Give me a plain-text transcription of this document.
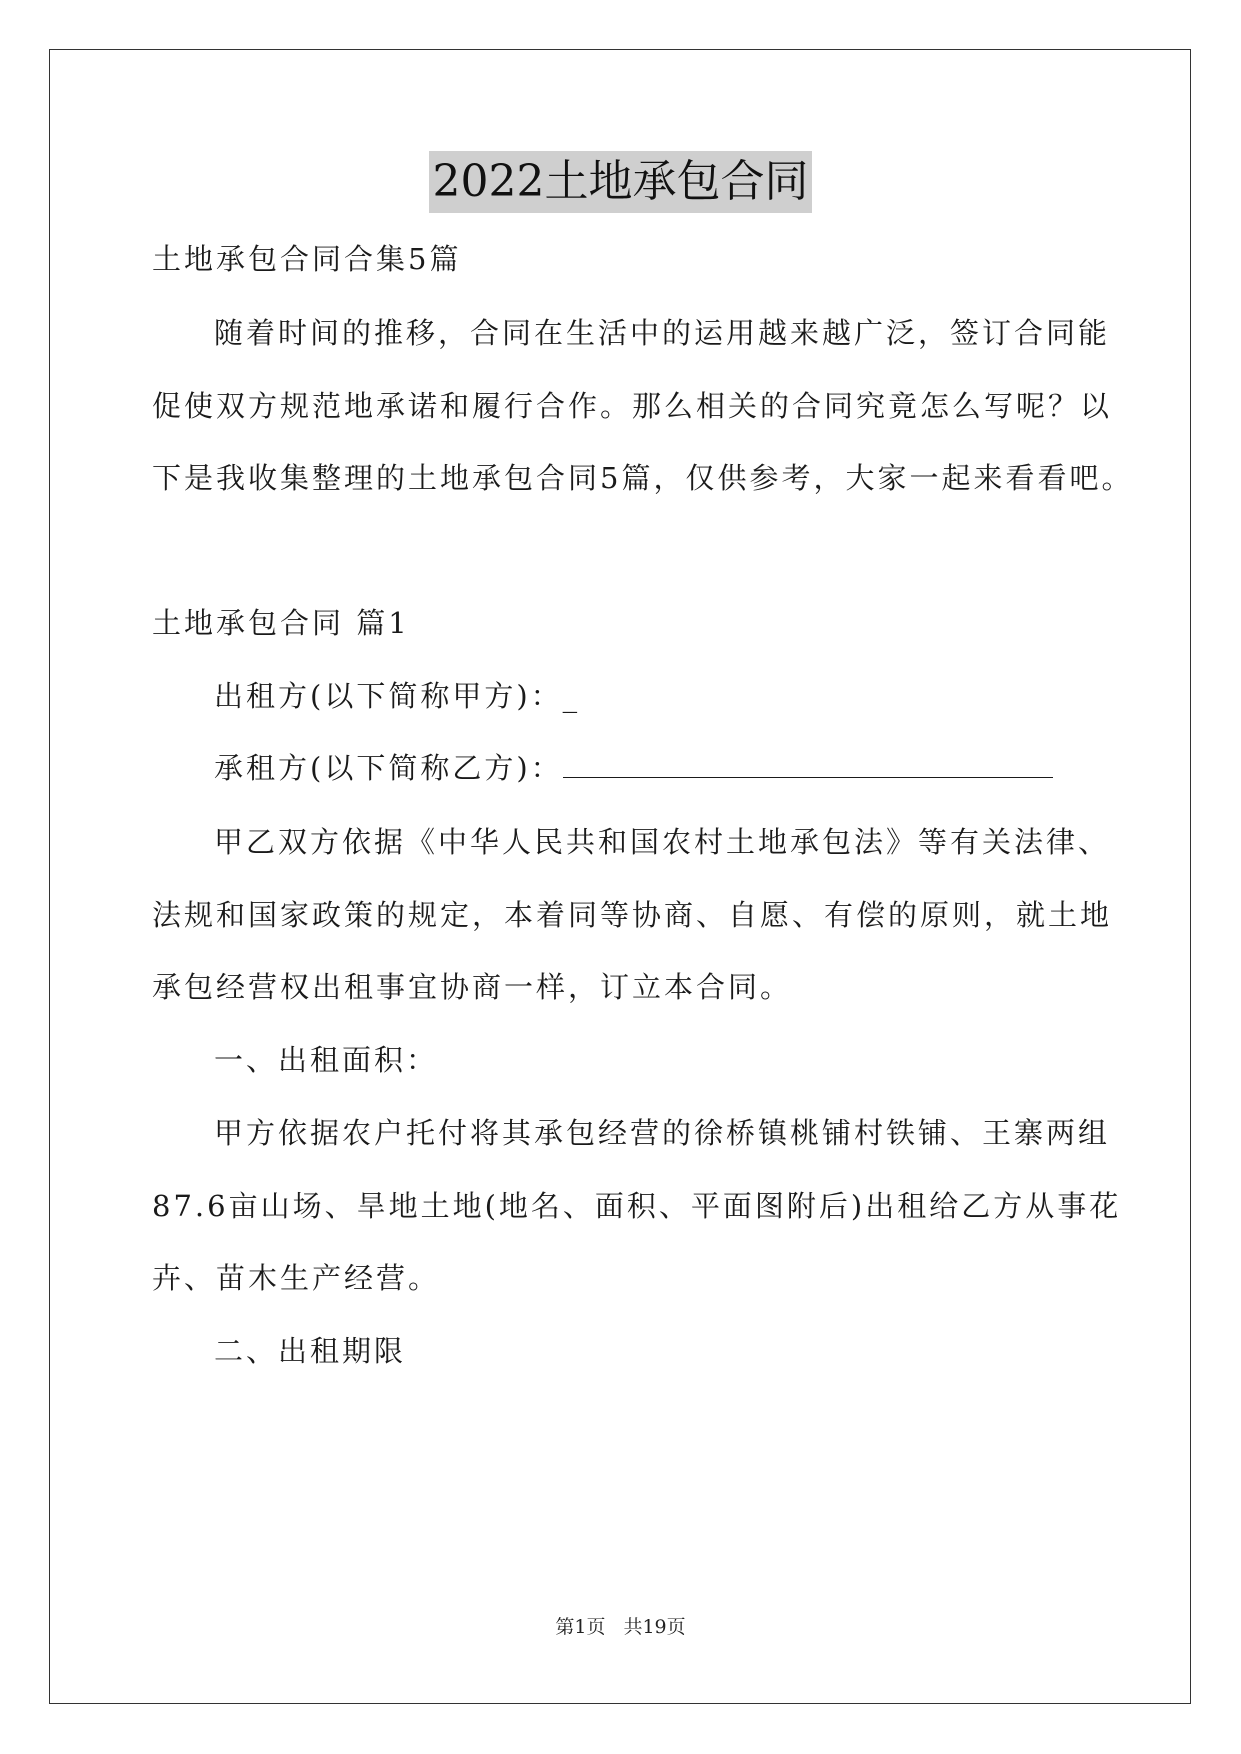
2022土地承包合同
土地承包合同合集5篇
随着时间的推移，合同在生活中的运用越来越广泛，签订合同能
促使双方规范地承诺和履行合作。那么相关的合同究竟怎么写呢？以
下是我收集整理的土地承包合同5篇，仅供参考，大家一起来看看吧。
土地承包合同 篇1
出租方(以下简称甲方)：_
承租方(以下简称乙方)：
甲乙双方依据《中华人民共和国农村土地承包法》等有关法律、
法规和国家政策的规定，本着同等协商、自愿、有偿的原则，就土地
承包经营权出租事宜协商一样，订立本合同。
一、出租面积：
甲方依据农户托付将其承包经营的徐桥镇桃铺村铁铺、王寨两组
87.6亩山场、旱地土地(地名、面积、平面图附后)出租给乙方从事花
卉、苗木生产经营。
二、出租期限
第1页 共19页
